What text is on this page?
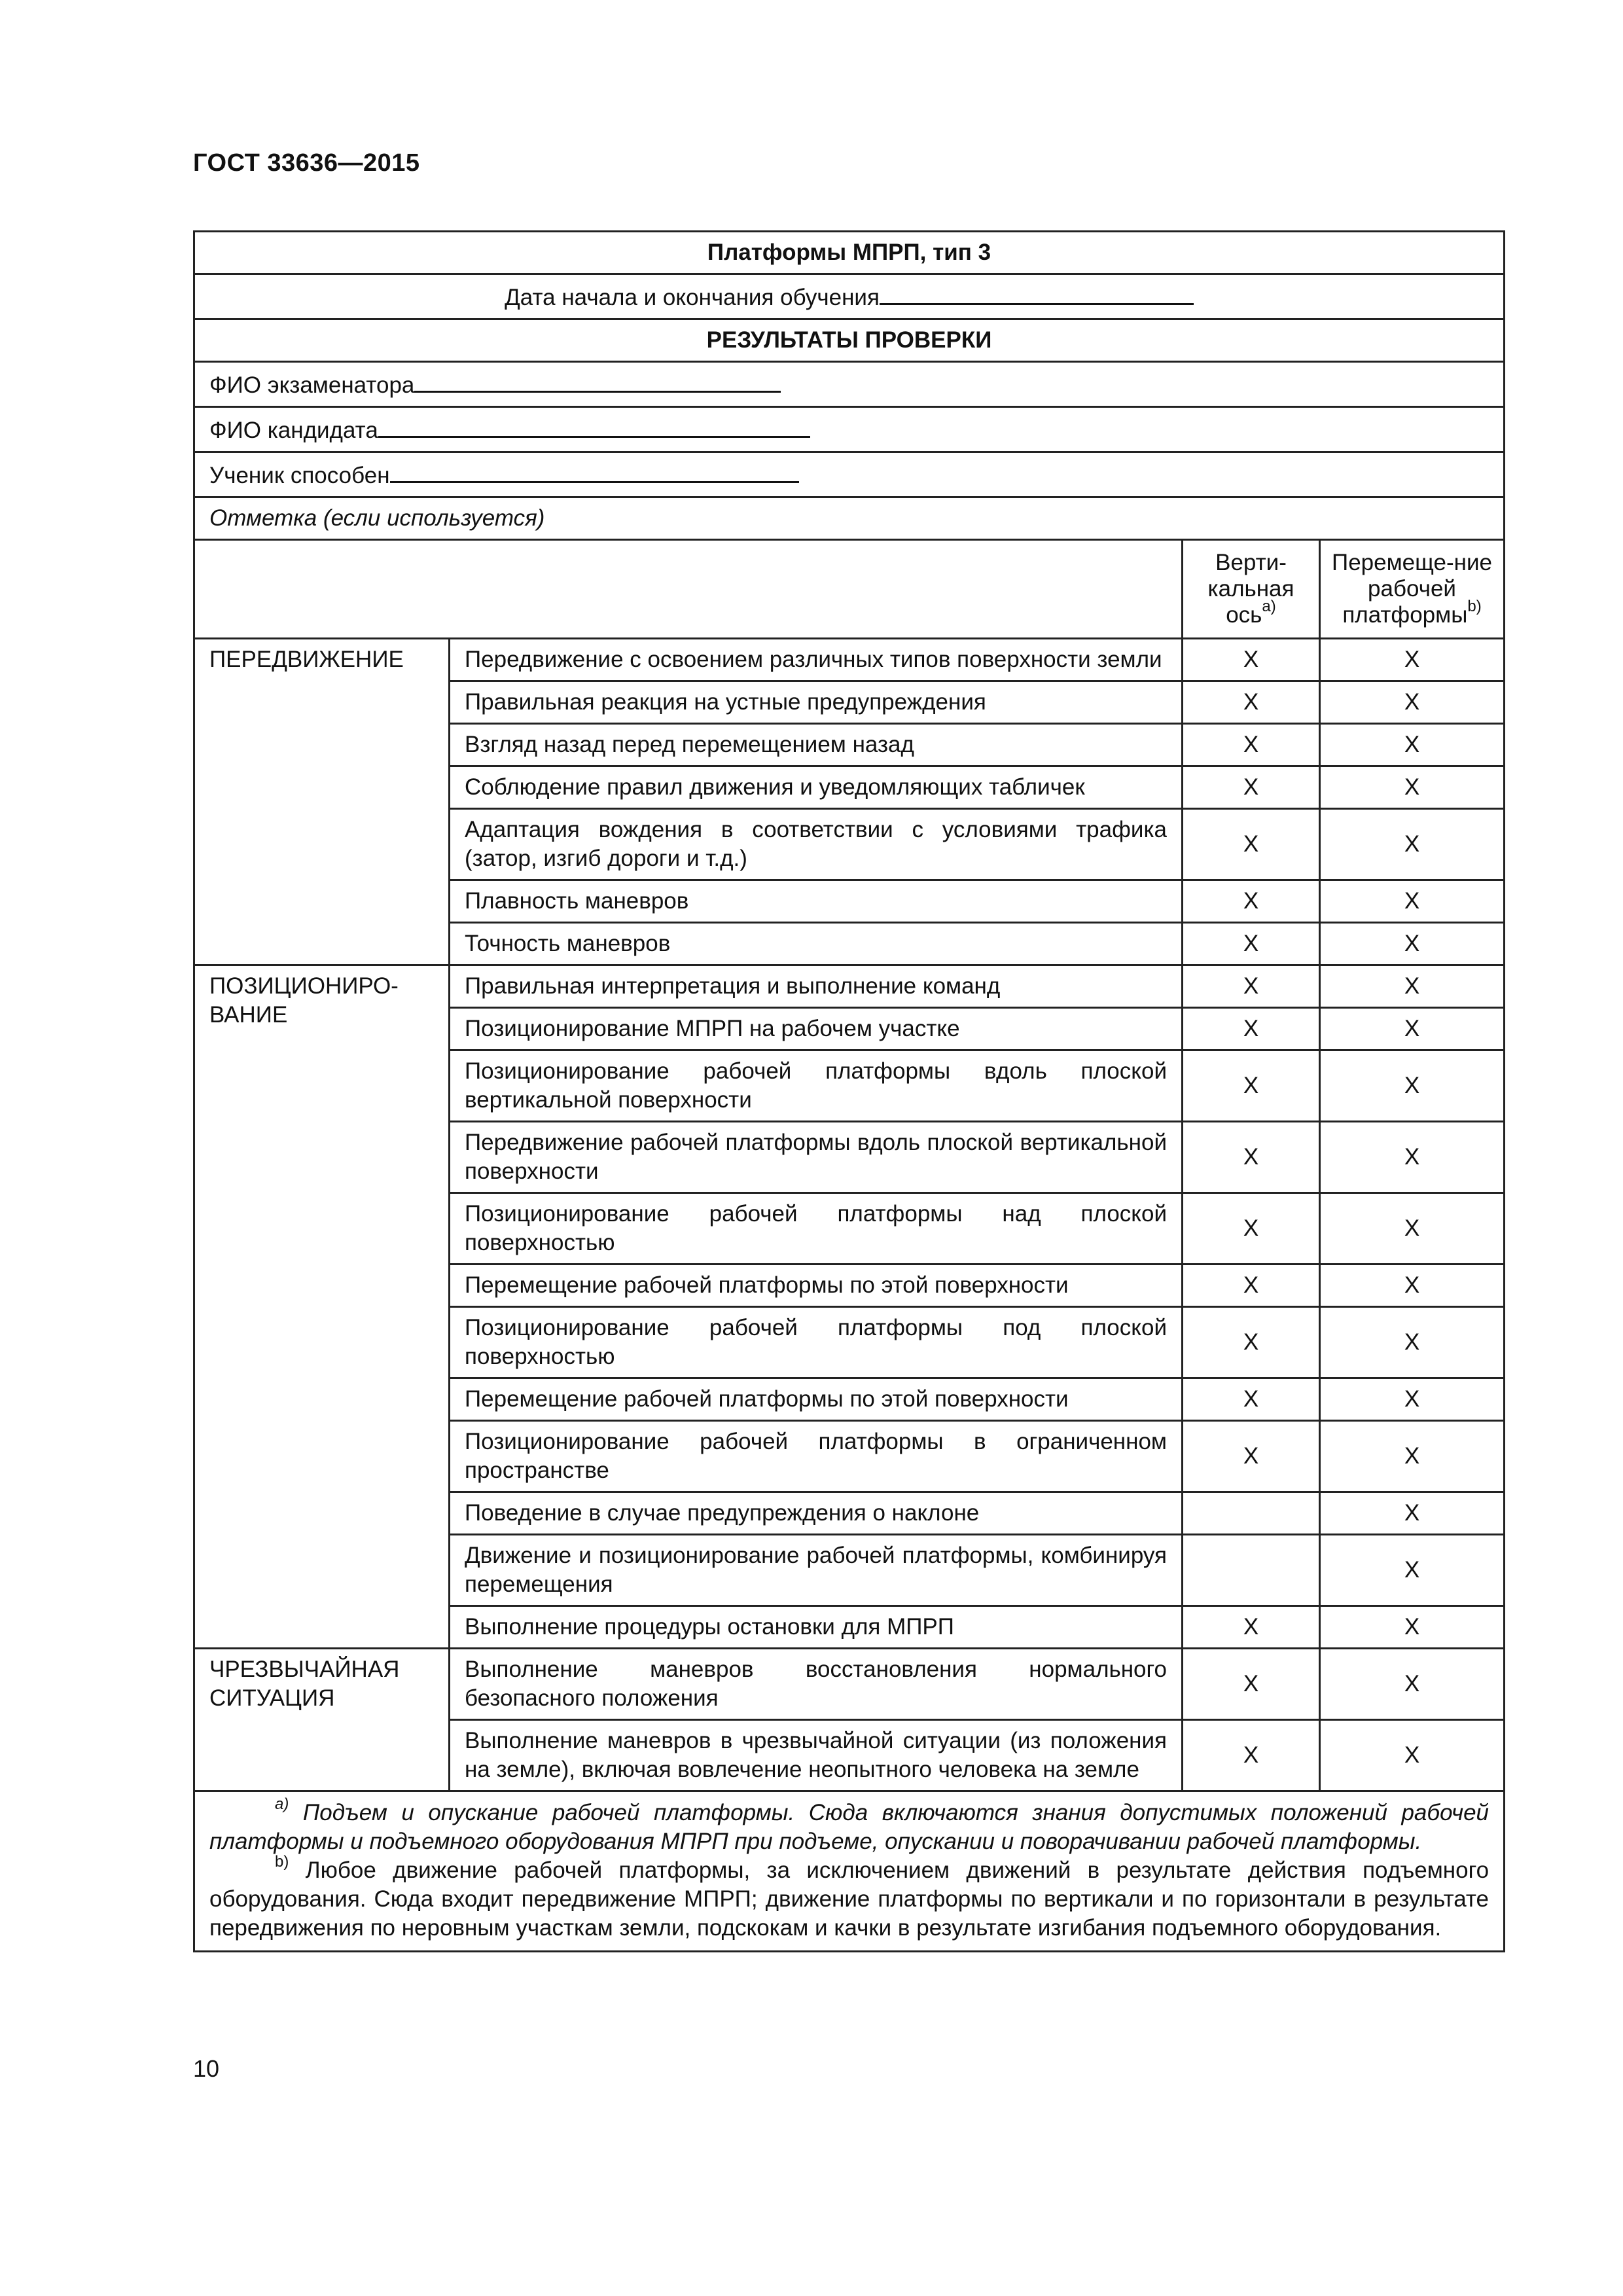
ГОСТ 33636—2015
Платформы МПРП, тип 3			
Дата начала и окончания обучения			
РЕЗУЛЬТАТЫ ПРОВЕРКИ			
ФИО экзаменатора			
ФИО кандидата			
Ученик способен			
Отметка (если используется)			
		Верти-кальная ось$^{а)}$	Перемеще-ние рабочей платформы$^{b)}$
ПЕРЕДВИЖЕНИЕ	Передвижение с освоением различных типов поверхности земли	X	X
	Правильная реакция на устные предупреждения	X	X
	Взгляд назад перед перемещением назад	X	X
	Соблюдение правил движения и уведомляющих табличек	X	X
	Адаптация вождения в соответствии с условиями трафика (затор, изгиб дороги и т.д.)	X	X
	Плавность маневров	X	X
	Точность маневров	X	X
ПОЗИЦИОНИРО-ВАНИЕ	Правильная интерпретация и выполнение команд	X	X
	Позиционирование МПРП на рабочем участке	X	X
	Позиционирование рабочей платформы вдоль плоской вертикальной поверхности	X	X
	Передвижение рабочей платформы вдоль плоской вертикальной поверхности	X	X
	Позиционирование рабочей платформы над плоской поверхностью	X	X
	Перемещение рабочей платформы по этой поверхности	X	X
	Позиционирование рабочей платформы под плоской поверхностью	X	X
	Перемещение рабочей платформы по этой поверхности	X	X
	Позиционирование рабочей платформы в ограниченном пространстве	X	X
	Поведение в случае предупреждения о наклоне		X
	Движение и позиционирование рабочей платформы, комбинируя перемещения		X
	Выполнение процедуры остановки для МПРП	X	X
ЧРЕЗВЫЧАЙНАЯ СИТУАЦИЯ	Выполнение маневров восстановления нормального безопасного положения	X	X
	Выполнение маневров в чрезвычайной ситуации (из положения на земле), включая вовлечение неопытного человека на земле	X	X

$^{а)}$ Подъем и опускание рабочей платформы. Сюда включаются знания допустимых положений рабочей платформы и подъемного оборудования МПРП при подъеме, опускании и поворачивании рабочей платформы.

$^{b)}$ Любое движение рабочей платформы, за исключением движений в результате действия подъемного оборудования. Сюда входит передвижение МПРП; движение платформы по вертикали и по горизонтали в результате передвижения по неровным участкам земли, подскокам и качки в результате изгибания подъемного оборудования.			

10
